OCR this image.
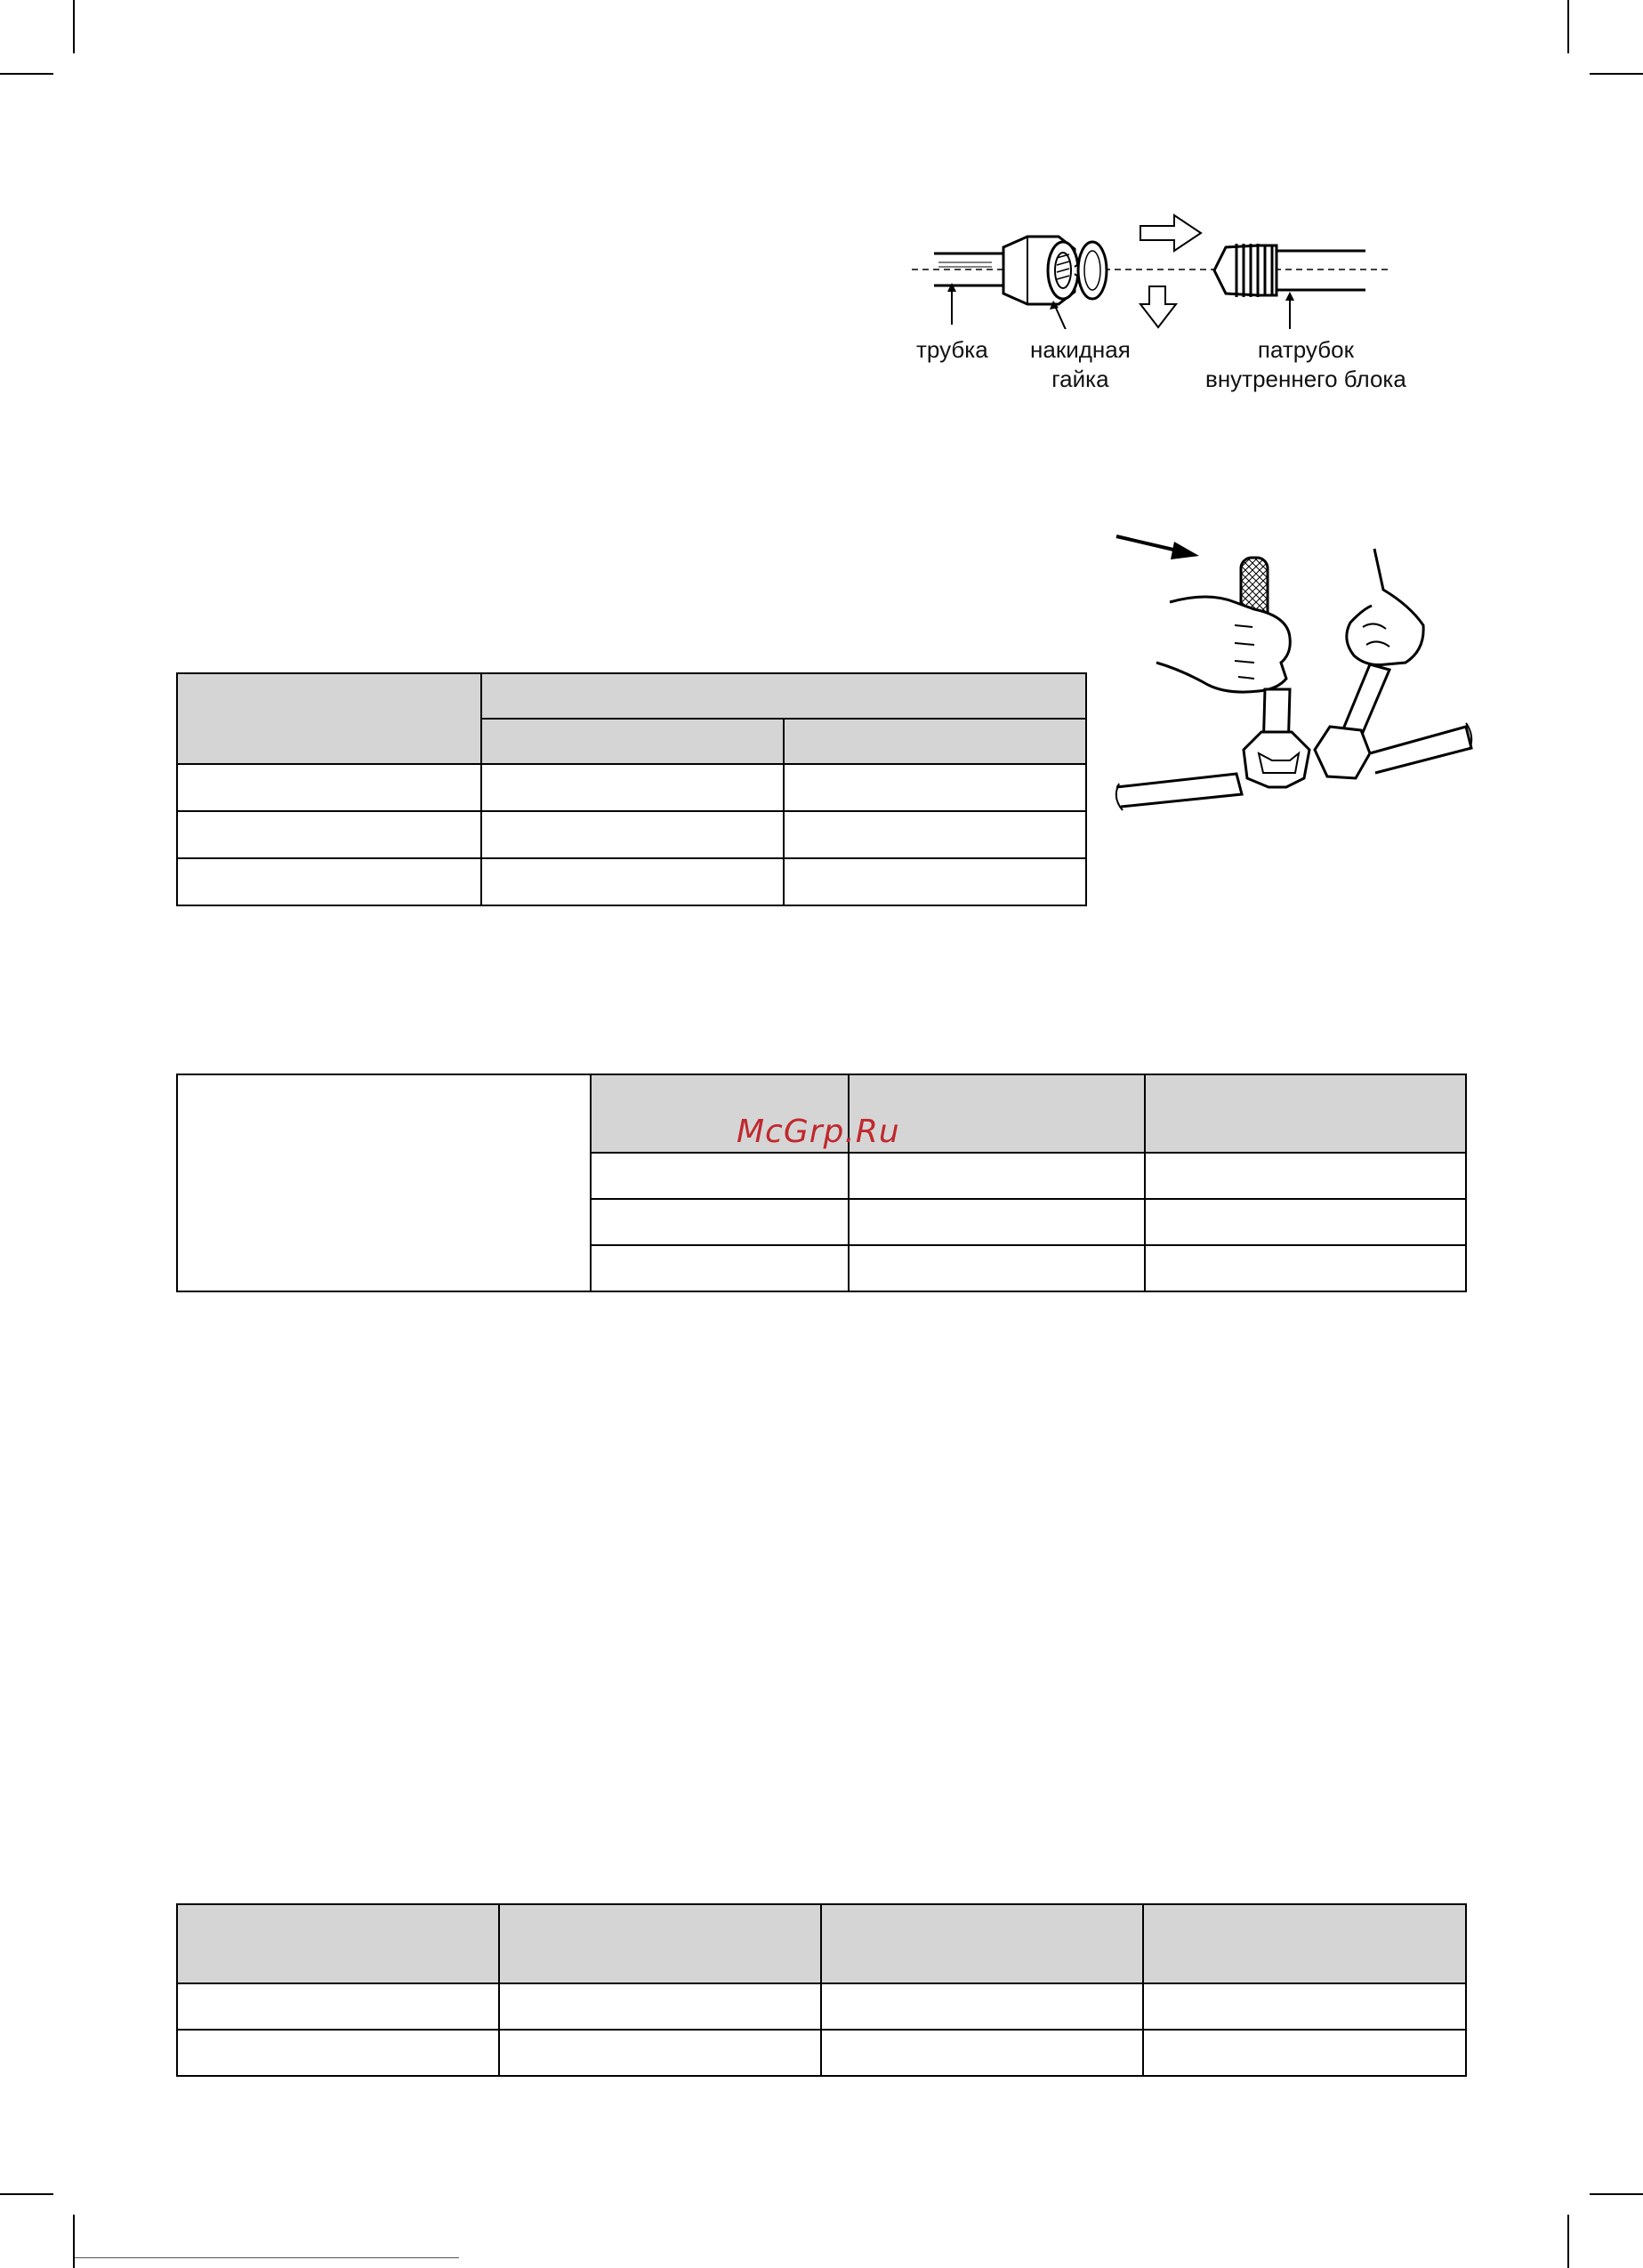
трубка накидная
гайка
патрубок
внутреннего блока

McGrp.Ru
